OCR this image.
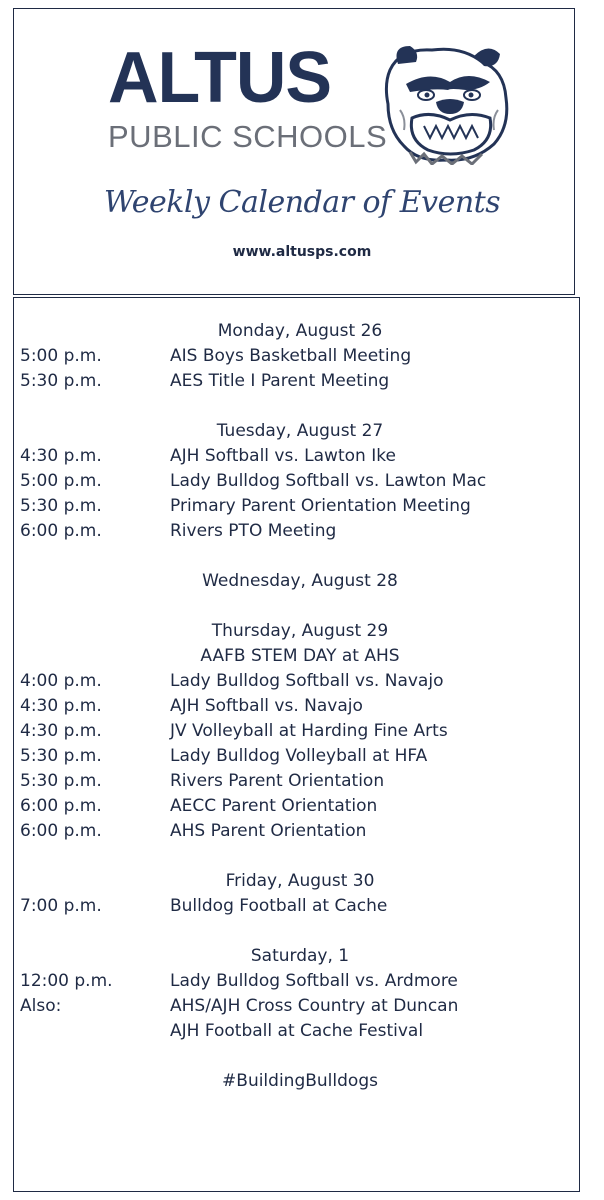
ALTUS
PUBLIC SCHOOLS
Weekly Calendar of Events
www.altusps.com
Monday, August 26
5:00 p.m.	AIS Boys Basketball Meeting
5:30 p.m.	AES Title I Parent Meeting
Tuesday, August 27
4:30 p.m.	AJH Softball vs. Lawton Ike
5:00 p.m.	Lady Bulldog Softball vs. Lawton Mac
5:30 p.m.	Primary Parent Orientation Meeting
6:00 p.m.	Rivers PTO Meeting
Wednesday, August 28
Thursday, August 29
AAFB STEM DAY at AHS
4:00 p.m.	Lady Bulldog Softball vs. Navajo
4:30 p.m.	AJH Softball vs. Navajo
4:30 p.m.	JV Volleyball at Harding Fine Arts
5:30 p.m.	Lady Bulldog Volleyball at HFA
5:30 p.m.	Rivers Parent Orientation
6:00 p.m.	AECC Parent Orientation
6:00 p.m.	AHS Parent Orientation
Friday, August 30
7:00 p.m.	Bulldog Football at Cache
Saturday, 1
12:00 p.m.	Lady Bulldog Softball vs. Ardmore
Also:	AHS/AJH Cross Country at Duncan
AJH Football at Cache Festival
#BuildingBulldogs
